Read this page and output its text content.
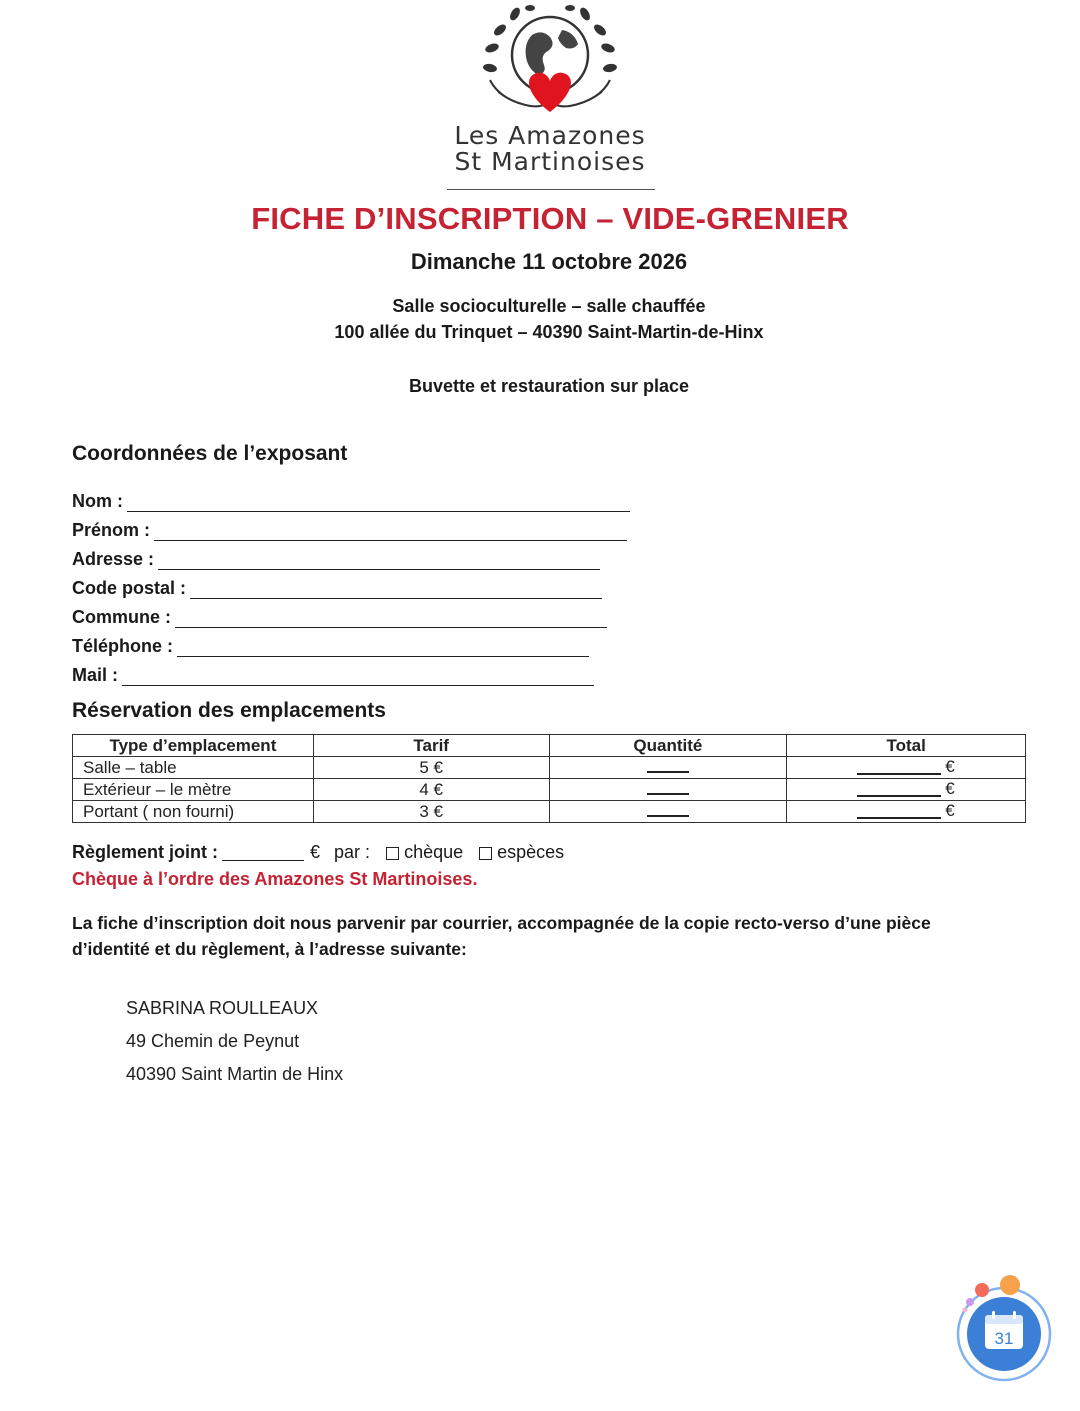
Les Amazones
St Martinoises
FICHE D’INSCRIPTION – VIDE-GRENIER
Dimanche 11 octobre 2026
Salle socioculturelle – salle chauffée
100 allée du Trinquet – 40390 Saint-Martin-de-Hinx
Buvette et restauration sur place
Coordonnées de l’exposant
Nom :
Prénom :
Adresse :
Code postal :
Commune :
Téléphone :
Mail :
Réservation des emplacements
Type d’emplacement	Tarif	Quantité	Total
Salle – table	5 €		€

Extérieur – le mètre	4 €		€

Portant ( non fourni)	3 €		€
Règlement joint :	€ par : chèque espèces
Chèque à l’ordre des Amazones St Martinoises.
La fiche d’inscription doit nous parvenir par courrier, accompagnée de la copie recto-verso d’une pièce d’identité et du règlement, à l’adresse suivante:
SABRINA ROULLEAUX
49 Chemin de Peynut
40390 Saint Martin de Hinx
31
